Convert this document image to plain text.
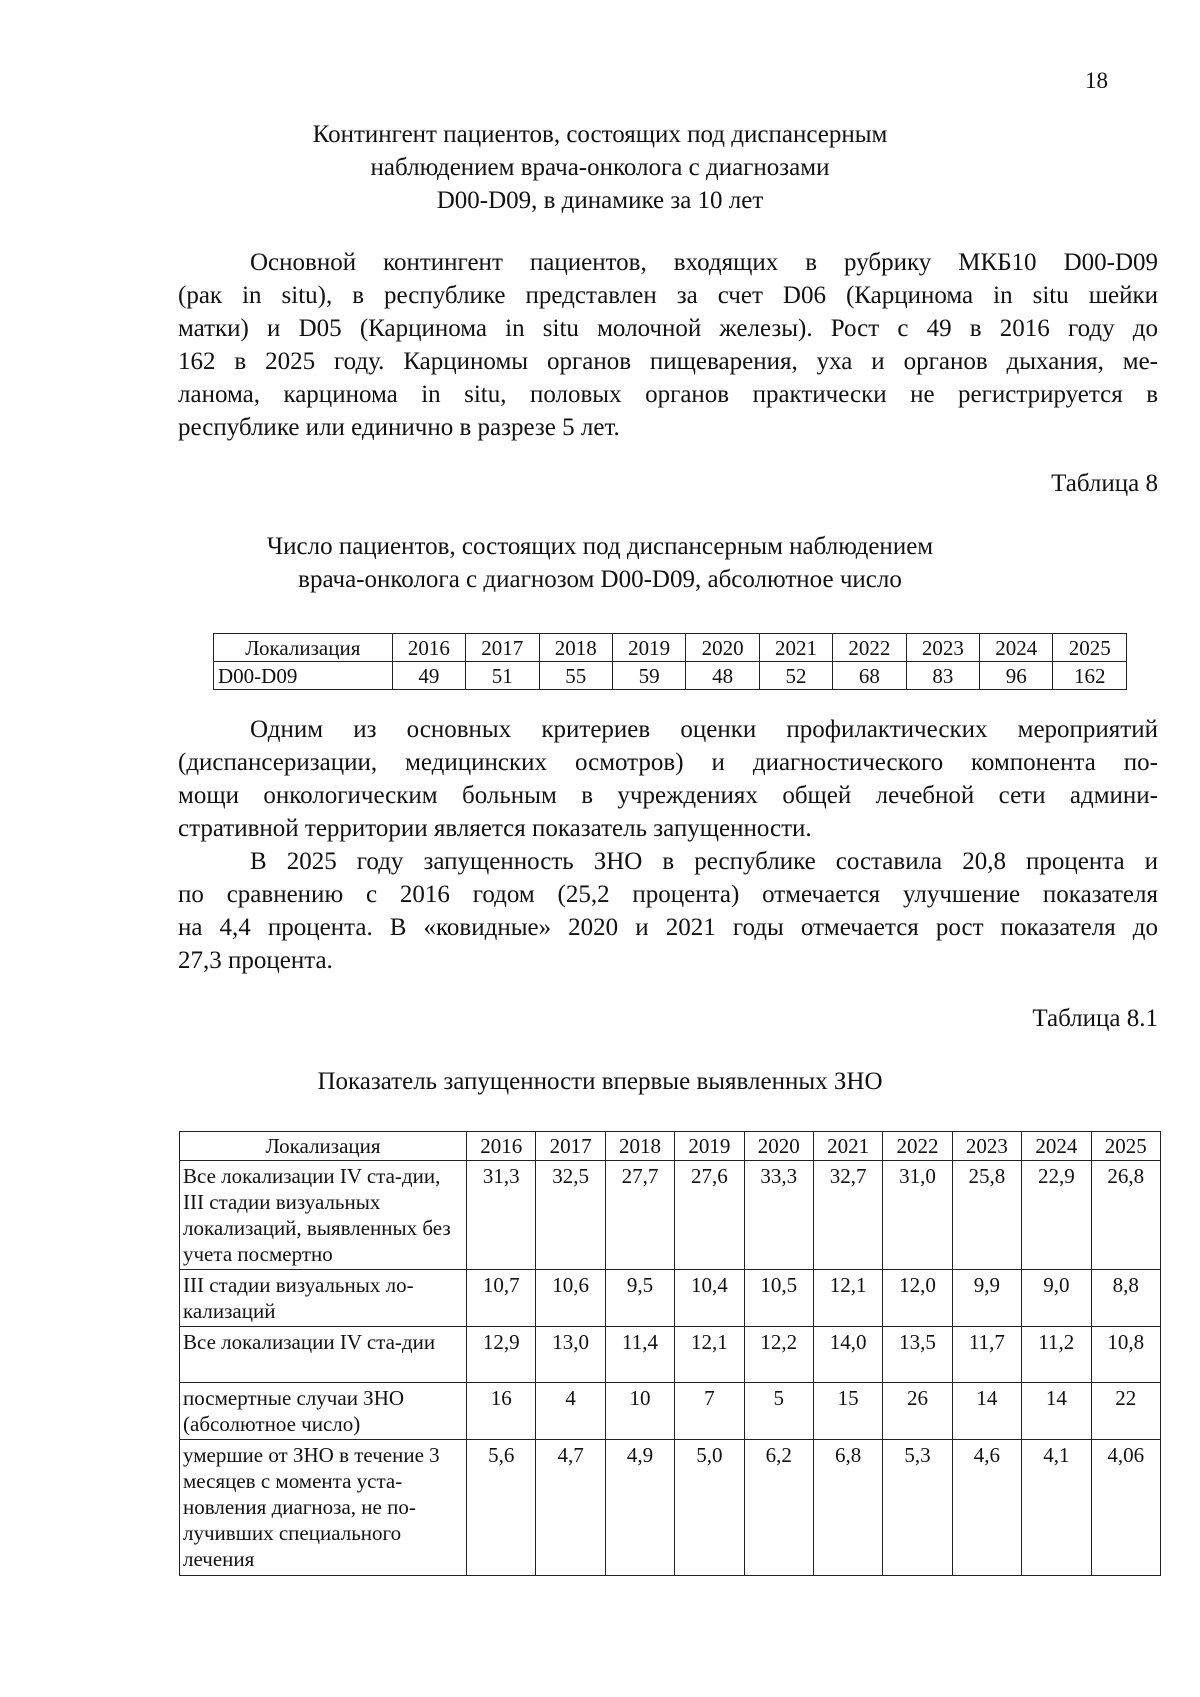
18
Контингент пациентов, состоящих под диспансерным
наблюдением врача-онколога с диагнозами
D00-D09, в динамике за 10 лет
Основной контингент пациентов, входящих в рубрику МКБ10 D00-D09
(рак in situ), в республике представлен за счет D06 (Карцинома in situ шейки
матки) и D05 (Карцинома in situ молочной железы). Рост с 49 в 2016 году до
162 в 2025 году. Карциномы органов пищеварения, уха и органов дыхания, ме-
ланома, карцинома in situ, половых органов практически не регистрируется в
республике или единично в разрезе 5 лет.
Таблица 8
Число пациентов, состоящих под диспансерным наблюдением
врача-онколога с диагнозом D00-D09, абсолютное число
Локализация	2016	2017	2018	2019	2020	2021	2022	2023	2024	2025
D00-D09	49	51	55	59	48	52	68	83	96	162
Одним из основных критериев оценки профилактических мероприятий
(диспансеризации, медицинских осмотров) и диагностического компонента по-
мощи онкологическим больным в учреждениях общей лечебной сети админи-
стративной территории является показатель запущенности.
В 2025 году запущенность ЗНО в республике составила 20,8 процента и
по сравнению с 2016 годом (25,2 процента) отмечается улучшение показателя
на 4,4 процента. В «ковидные» 2020 и 2021 годы отмечается рост показателя до
27,3 процента.
Таблица 8.1
Показатель запущенности впервые выявленных ЗНО
Локализация	2016	2017	2018	2019	2020	2021	2022	2023	2024	2025
Все локализации IV ста-дии, III стадии визуальных локализаций, выявленных без учета посмертно	31,3	32,5	27,7	27,6	33,3	32,7	31,0	25,8	22,9	26,8
III стадии визуальных ло-кализаций	10,7	10,6	9,5	10,4	10,5	12,1	12,0	9,9	9,0	8,8
Все локализации IV ста-дии	12,9	13,0	11,4	12,1	12,2	14,0	13,5	11,7	11,2	10,8
посмертные случаи ЗНО (абсолютное число)	16	4	10	7	5	15	26	14	14	22
умершие от ЗНО в течение 3 месяцев с момента уста-новления диагноза, не по-лучивших специального лечения	5,6	4,7	4,9	5,0	6,2	6,8	5,3	4,6	4,1	4,06
